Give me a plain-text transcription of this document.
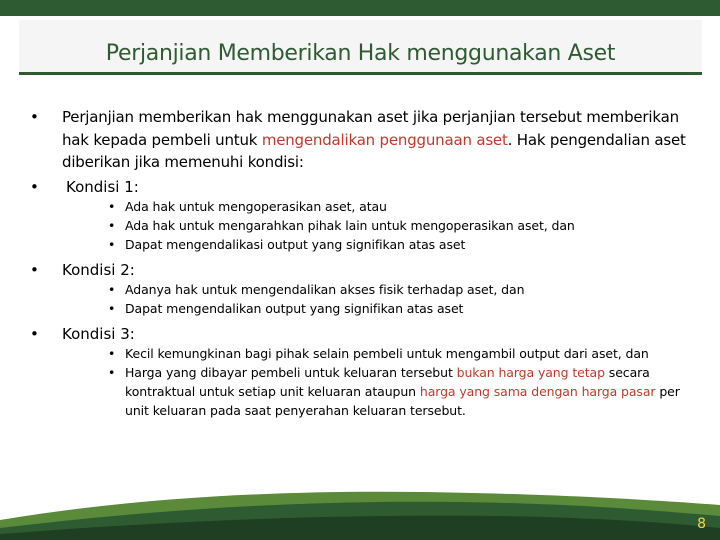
Perjanjian Memberikan Hak menggunakan Aset
• Perjanjian memberikan hak menggunakan aset jika perjanjian tersebut memberikan hak kepada pembeli untuk mengendalikan penggunaan aset. Hak pengendalian aset diberikan jika memenuhi kondisi:
• Kondisi 1:
• Ada hak untuk mengoperasikan aset, atau
• Ada hak untuk mengarahkan pihak lain untuk mengoperasikan aset, dan
• Dapat mengendalikasi output yang signifikan atas aset
• Kondisi 2:
• Adanya hak untuk mengendalikan akses fisik terhadap aset, dan
• Dapat mengendalikan output yang signifikan atas aset
• Kondisi 3:
• Kecil kemungkinan bagi pihak selain pembeli untuk mengambil output dari aset, dan
• Harga yang dibayar pembeli untuk keluaran tersebut bukan harga yang tetap secara kontraktual untuk setiap unit keluaran ataupun harga yang sama dengan harga pasar per unit keluaran pada saat penyerahan keluaran tersebut.
8
